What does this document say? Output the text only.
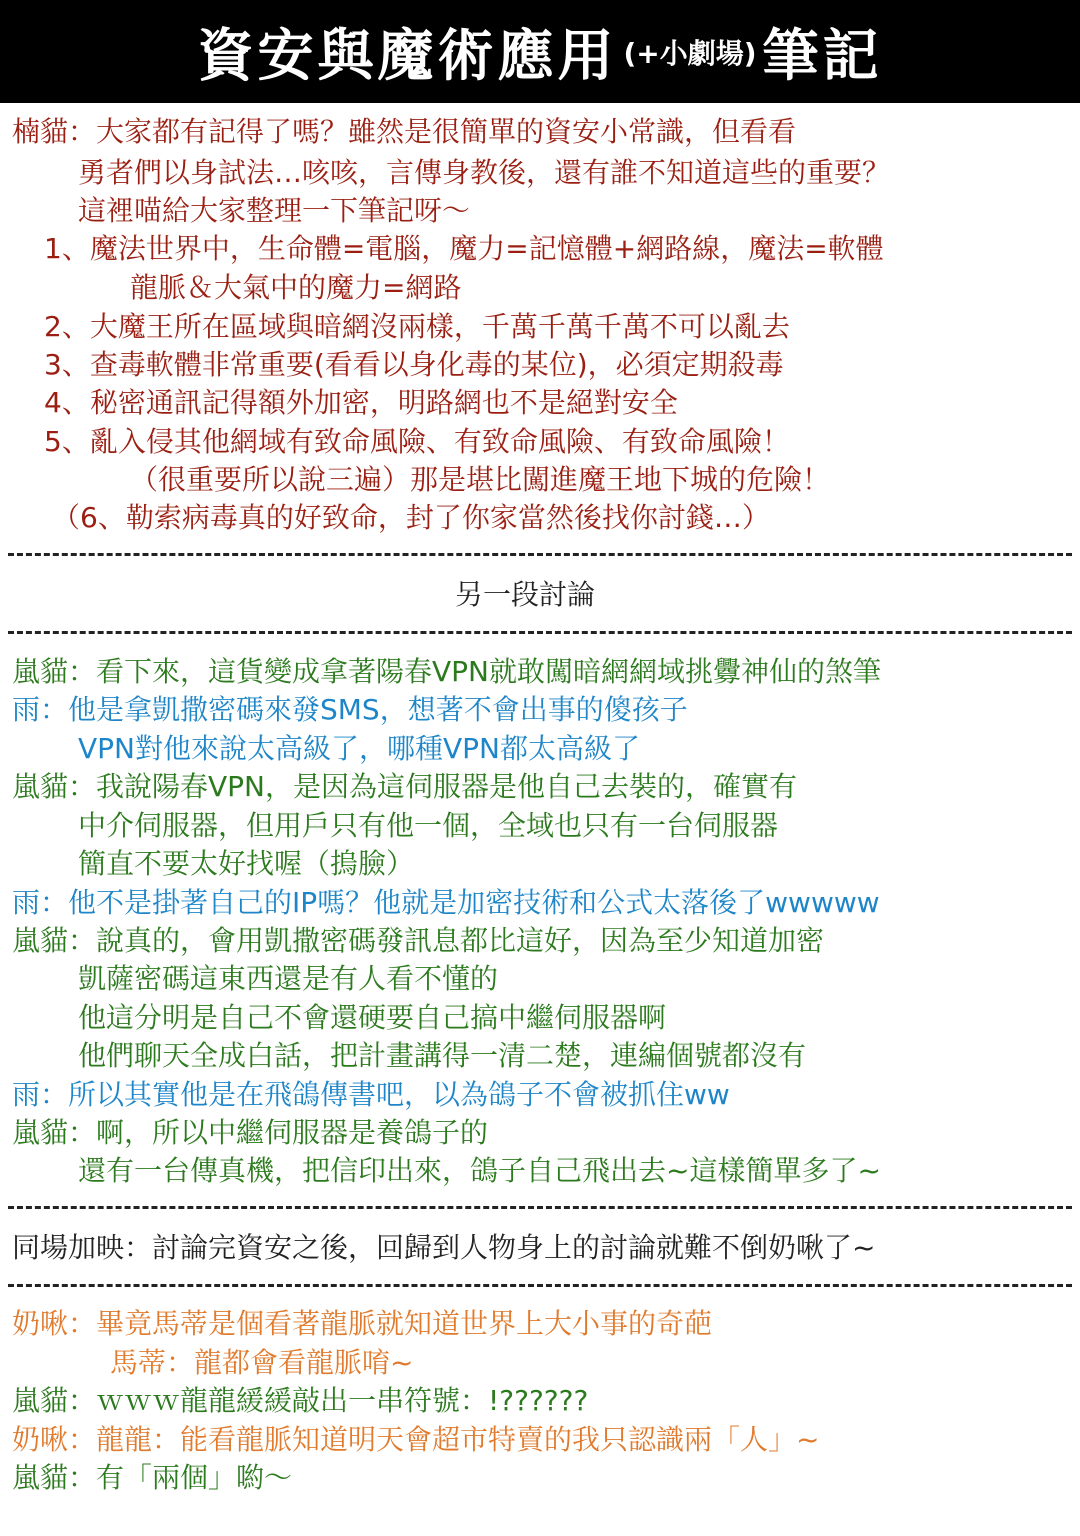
資安與魔術應用 (+小劇場) 筆記
楠貓：大家都有記得了嗎？雖然是很簡單的資安小常識，但看看
勇者們以身試法…咳咳，言傳身教後，還有誰不知道這些的重要？
這裡喵給大家整理一下筆記呀～
1、魔法世界中，生命體=電腦，魔力=記憶體+網路線，魔法=軟體
龍脈＆大氣中的魔力=網路
2、大魔王所在區域與暗網沒兩樣，千萬千萬千萬不可以亂去
3、查毒軟體非常重要(看看以身化毒的某位)，必須定期殺毒
4、秘密通訊記得額外加密，明路網也不是絕對安全
5、亂入侵其他網域有致命風險、有致命風險、有致命風險！
（很重要所以說三遍）那是堪比闖進魔王地下城的危險！
（6、勒索病毒真的好致命，封了你家當然後找你討錢…）
另一段討論
嵐貓：看下來，這貨變成拿著陽春VPN就敢闖暗網網域挑釁神仙的煞筆
雨：他是拿凱撒密碼來發SMS，想著不會出事的傻孩子
VPN對他來說太高級了，哪種VPN都太高級了
嵐貓：我說陽春VPN，是因為這伺服器是他自己去裝的，確實有
中介伺服器，但用戶只有他一個，全域也只有一台伺服器
簡直不要太好找喔（摀臉）
雨：他不是掛著自己的IP嗎？他就是加密技術和公式太落後了wwwww
嵐貓：說真的，會用凱撒密碼發訊息都比這好，因為至少知道加密
凱薩密碼這東西還是有人看不懂的
他這分明是自己不會還硬要自己搞中繼伺服器啊
他們聊天全成白話，把計畫講得一清二楚，連編個號都沒有
雨：所以其實他是在飛鴿傳書吧，以為鴿子不會被抓住ww
嵐貓：啊，所以中繼伺服器是養鴿子的
還有一台傳真機，把信印出來，鴿子自己飛出去~這樣簡單多了~
同場加映：討論完資安之後，回歸到人物身上的討論就難不倒奶啾了~
奶啾：畢竟馬蒂是個看著龍脈就知道世界上大小事的奇葩
馬蒂：龍都會看龍脈唷~
嵐貓：ｗｗｗ龍龍緩緩敲出一串符號：!??????
奶啾：龍龍：能看龍脈知道明天會超市特賣的我只認識兩「人」~
嵐貓：有「兩個」喲～
